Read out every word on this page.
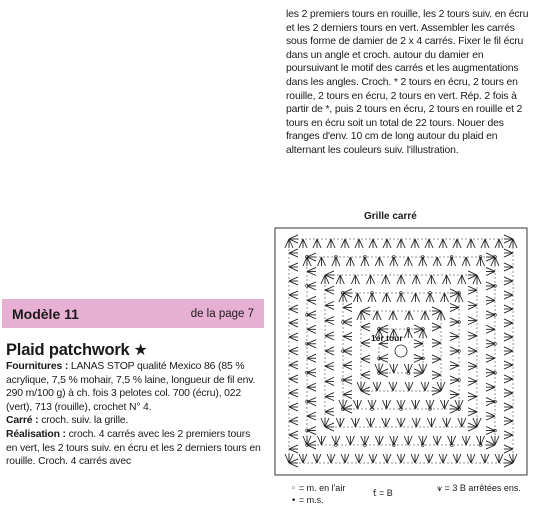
les 2 premiers tours en rouille, les 2 tours suiv. en écru et les 2 derniers tours en vert. Assembler les carrés sous forme de damier de 2 x 4 carrés. Fixer le fil écru dans un angle et croch. autour du damier en poursuivant le motif des carrés et les augmentations dans les angles. Croch. * 2 tours en écru, 2 tours en rouille, 2 tours en écru, 2 tours en vert. Rép. 2 fois à partir de *, puis 2 tours en écru, 2 tours en rouille et 2 tours en écru soit un total de 22 tours. Nouer des franges d'env. 10 cm de long autour du plaid en alternant les couleurs suiv. l'illustration.

Grille carré
1er tour
◦ = m. en l'air
• = m.s.
ƭ = B	⩛ = 3 B arrêtées ens.
Modèle 11	de la page 7
Plaid patchwork ★

Fournitures : LANAS STOP qualité Mexico 86 (85 % acrylique, 7,5 % mohair, 7,5 % laine, longueur de fil env. 290 m/100 g) à ch. fois 3 pelotes col. 700 (écru), 022 (vert), 713 (rouille), crochet N° 4.

Carré : croch. suiv. la grille.

Réalisation : croch. 4 carrés avec les 2 premiers tours en vert, les 2 tours suiv. en écru et les 2 derniers tours en rouille. Croch. 4 carrés avec
